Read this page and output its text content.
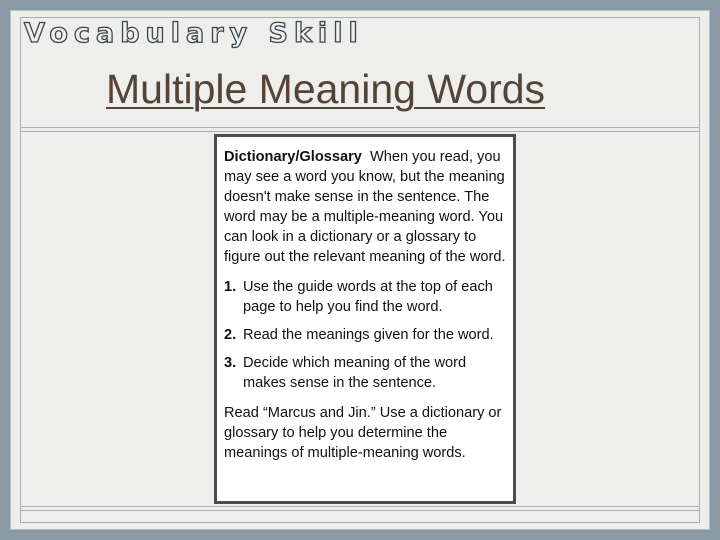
Vocabulary Skill
Multiple Meaning Words

Dictionary/Glossary When you read, you may see a word you know, but the meaning doesn't make sense in the sentence. The word may be a multiple-meaning word. You can look in a dictionary or a glossary to figure out the relevant meaning of the word.

1. Use the guide words at the top of each page to help you find the word.
2. Read the meanings given for the word.
3. Decide which meaning of the word makes sense in the sentence.

Read “Marcus and Jin.” Use a dictionary or glossary to help you determine the meanings of multiple-meaning words.
